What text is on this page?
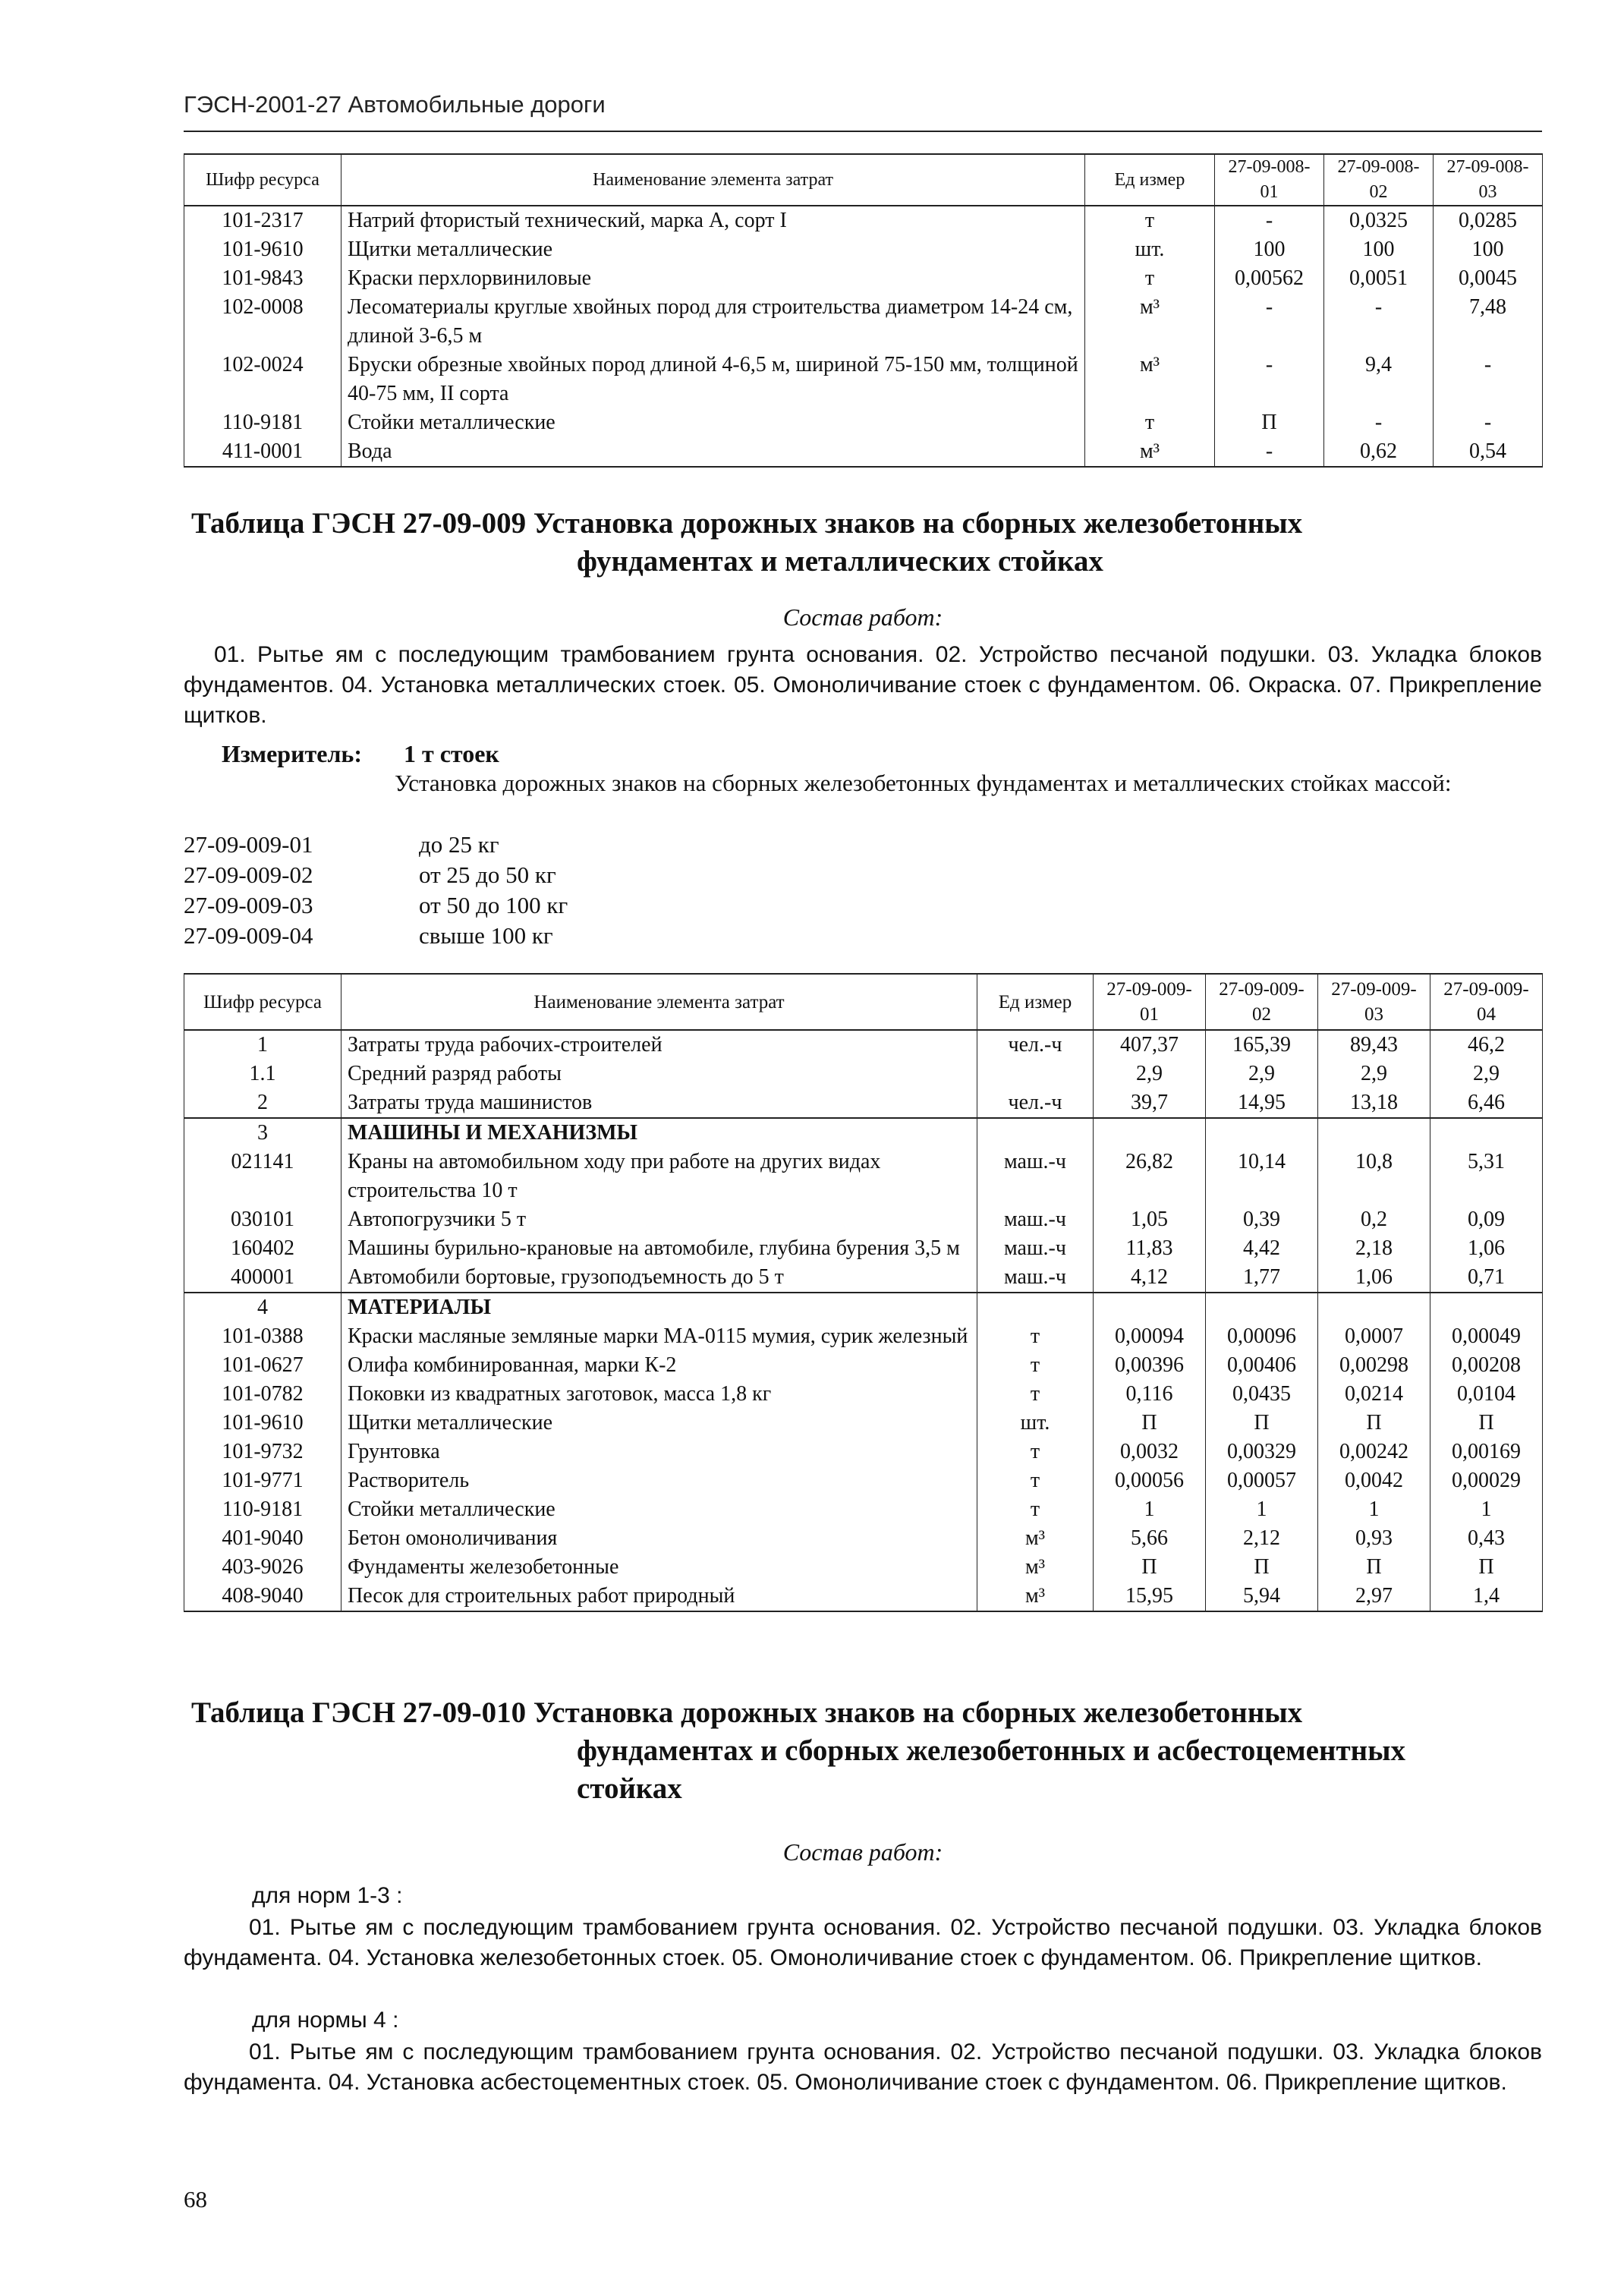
ГЭСН-2001-27 Автомобильные дороги
Шифр ресурса	Наименование элемента затрат	Ед измер	27-09-008-01	27-09-008-02	27-09-008-03
101-2317	Натрий фтористый технический, марка А, сорт I	т	-	0,0325	0,0285
101-9610	Щитки металлические	шт.	100	100	100
101-9843	Краски перхлорвиниловые	т	0,00562	0,0051	0,0045
102-0008	Лесоматериалы круглые хвойных пород для строительства диаметром 14-24 см, длиной 3-6,5 м	м³	-	-	7,48
102-0024	Бруски обрезные хвойных пород длиной 4-6,5 м, шириной 75-150 мм, толщиной 40-75 мм, II сорта	м³	-	9,4	-
110-9181	Стойки металлические	т	П	-	-
411-0001	Вода	м³	-	0,62	0,54
Таблица ГЭСН 27-09-009 Установка дорожных знаков на сборных железобетонных
фундаментах и металлических стойках
Состав работ:
01. Рытье ям с последующим трамбованием грунта основания. 02. Устройство песчаной подушки. 03. Укладка блоков фундаментов. 04. Установка металлических стоек. 05. Омоноличивание стоек с фундаментом. 06. Окраска. 07. Прикрепление щитков.
Измеритель: 1 т стоек
Установка дорожных знаков на сборных железобетонных фундаментах и металлических стойках массой:
27-09-009-01	до 25 кг
27-09-009-02	от 25 до 50 кг
27-09-009-03	от 50 до 100 кг
27-09-009-04	свыше 100 кг
Шифр ресурса	Наименование элемента затрат	Ед измер	27-09-009-01	27-09-009-02	27-09-009-03	27-09-009-04
1	Затраты труда рабочих-строителей	чел.-ч	407,37	165,39	89,43	46,2
1.1	Средний разряд работы		2,9	2,9	2,9	2,9
2	Затраты труда машинистов	чел.-ч	39,7	14,95	13,18	6,46
3	МАШИНЫ И МЕХАНИЗМЫ					
021141	Краны на автомобильном ходу при работе на других видах строительства 10 т	маш.-ч	26,82	10,14	10,8	5,31
030101	Автопогрузчики 5 т	маш.-ч	1,05	0,39	0,2	0,09
160402	Машины бурильно-крановые на автомобиле, глубина бурения 3,5 м	маш.-ч	11,83	4,42	2,18	1,06
400001	Автомобили бортовые, грузоподъемность до 5 т	маш.-ч	4,12	1,77	1,06	0,71
4	МАТЕРИАЛЫ					
101-0388	Краски масляные земляные марки МА-0115 мумия, сурик железный	т	0,00094	0,00096	0,0007	0,00049
101-0627	Олифа комбинированная, марки К-2	т	0,00396	0,00406	0,00298	0,00208
101-0782	Поковки из квадратных заготовок, масса 1,8 кг	т	0,116	0,0435	0,0214	0,0104
101-9610	Щитки металлические	шт.	П	П	П	П
101-9732	Грунтовка	т	0,0032	0,00329	0,00242	0,00169
101-9771	Растворитель	т	0,00056	0,00057	0,0042	0,00029
110-9181	Стойки металлические	т	1	1	1	1
401-9040	Бетон омоноличивания	м³	5,66	2,12	0,93	0,43
403-9026	Фундаменты железобетонные	м³	П	П	П	П
408-9040	Песок для строительных работ природный	м³	15,95	5,94	2,97	1,4
Таблица ГЭСН 27-09-010 Установка дорожных знаков на сборных железобетонных
фундаментах и сборных железобетонных и асбестоцементных
стойках
Состав работ:
для норм 1-3 :
01. Рытье ям с последующим трамбованием грунта основания. 02. Устройство песчаной подушки. 03. Укладка блоков фундамента. 04. Установка железобетонных стоек. 05. Омоноличивание стоек с фундаментом. 06. Прикрепление щитков.
для нормы 4 :
01. Рытье ям с последующим трамбованием грунта основания. 02. Устройство песчаной подушки. 03. Укладка блоков фундамента. 04. Установка асбестоцементных стоек. 05. Омоноличивание стоек с фундаментом. 06. Прикрепление щитков.
68
